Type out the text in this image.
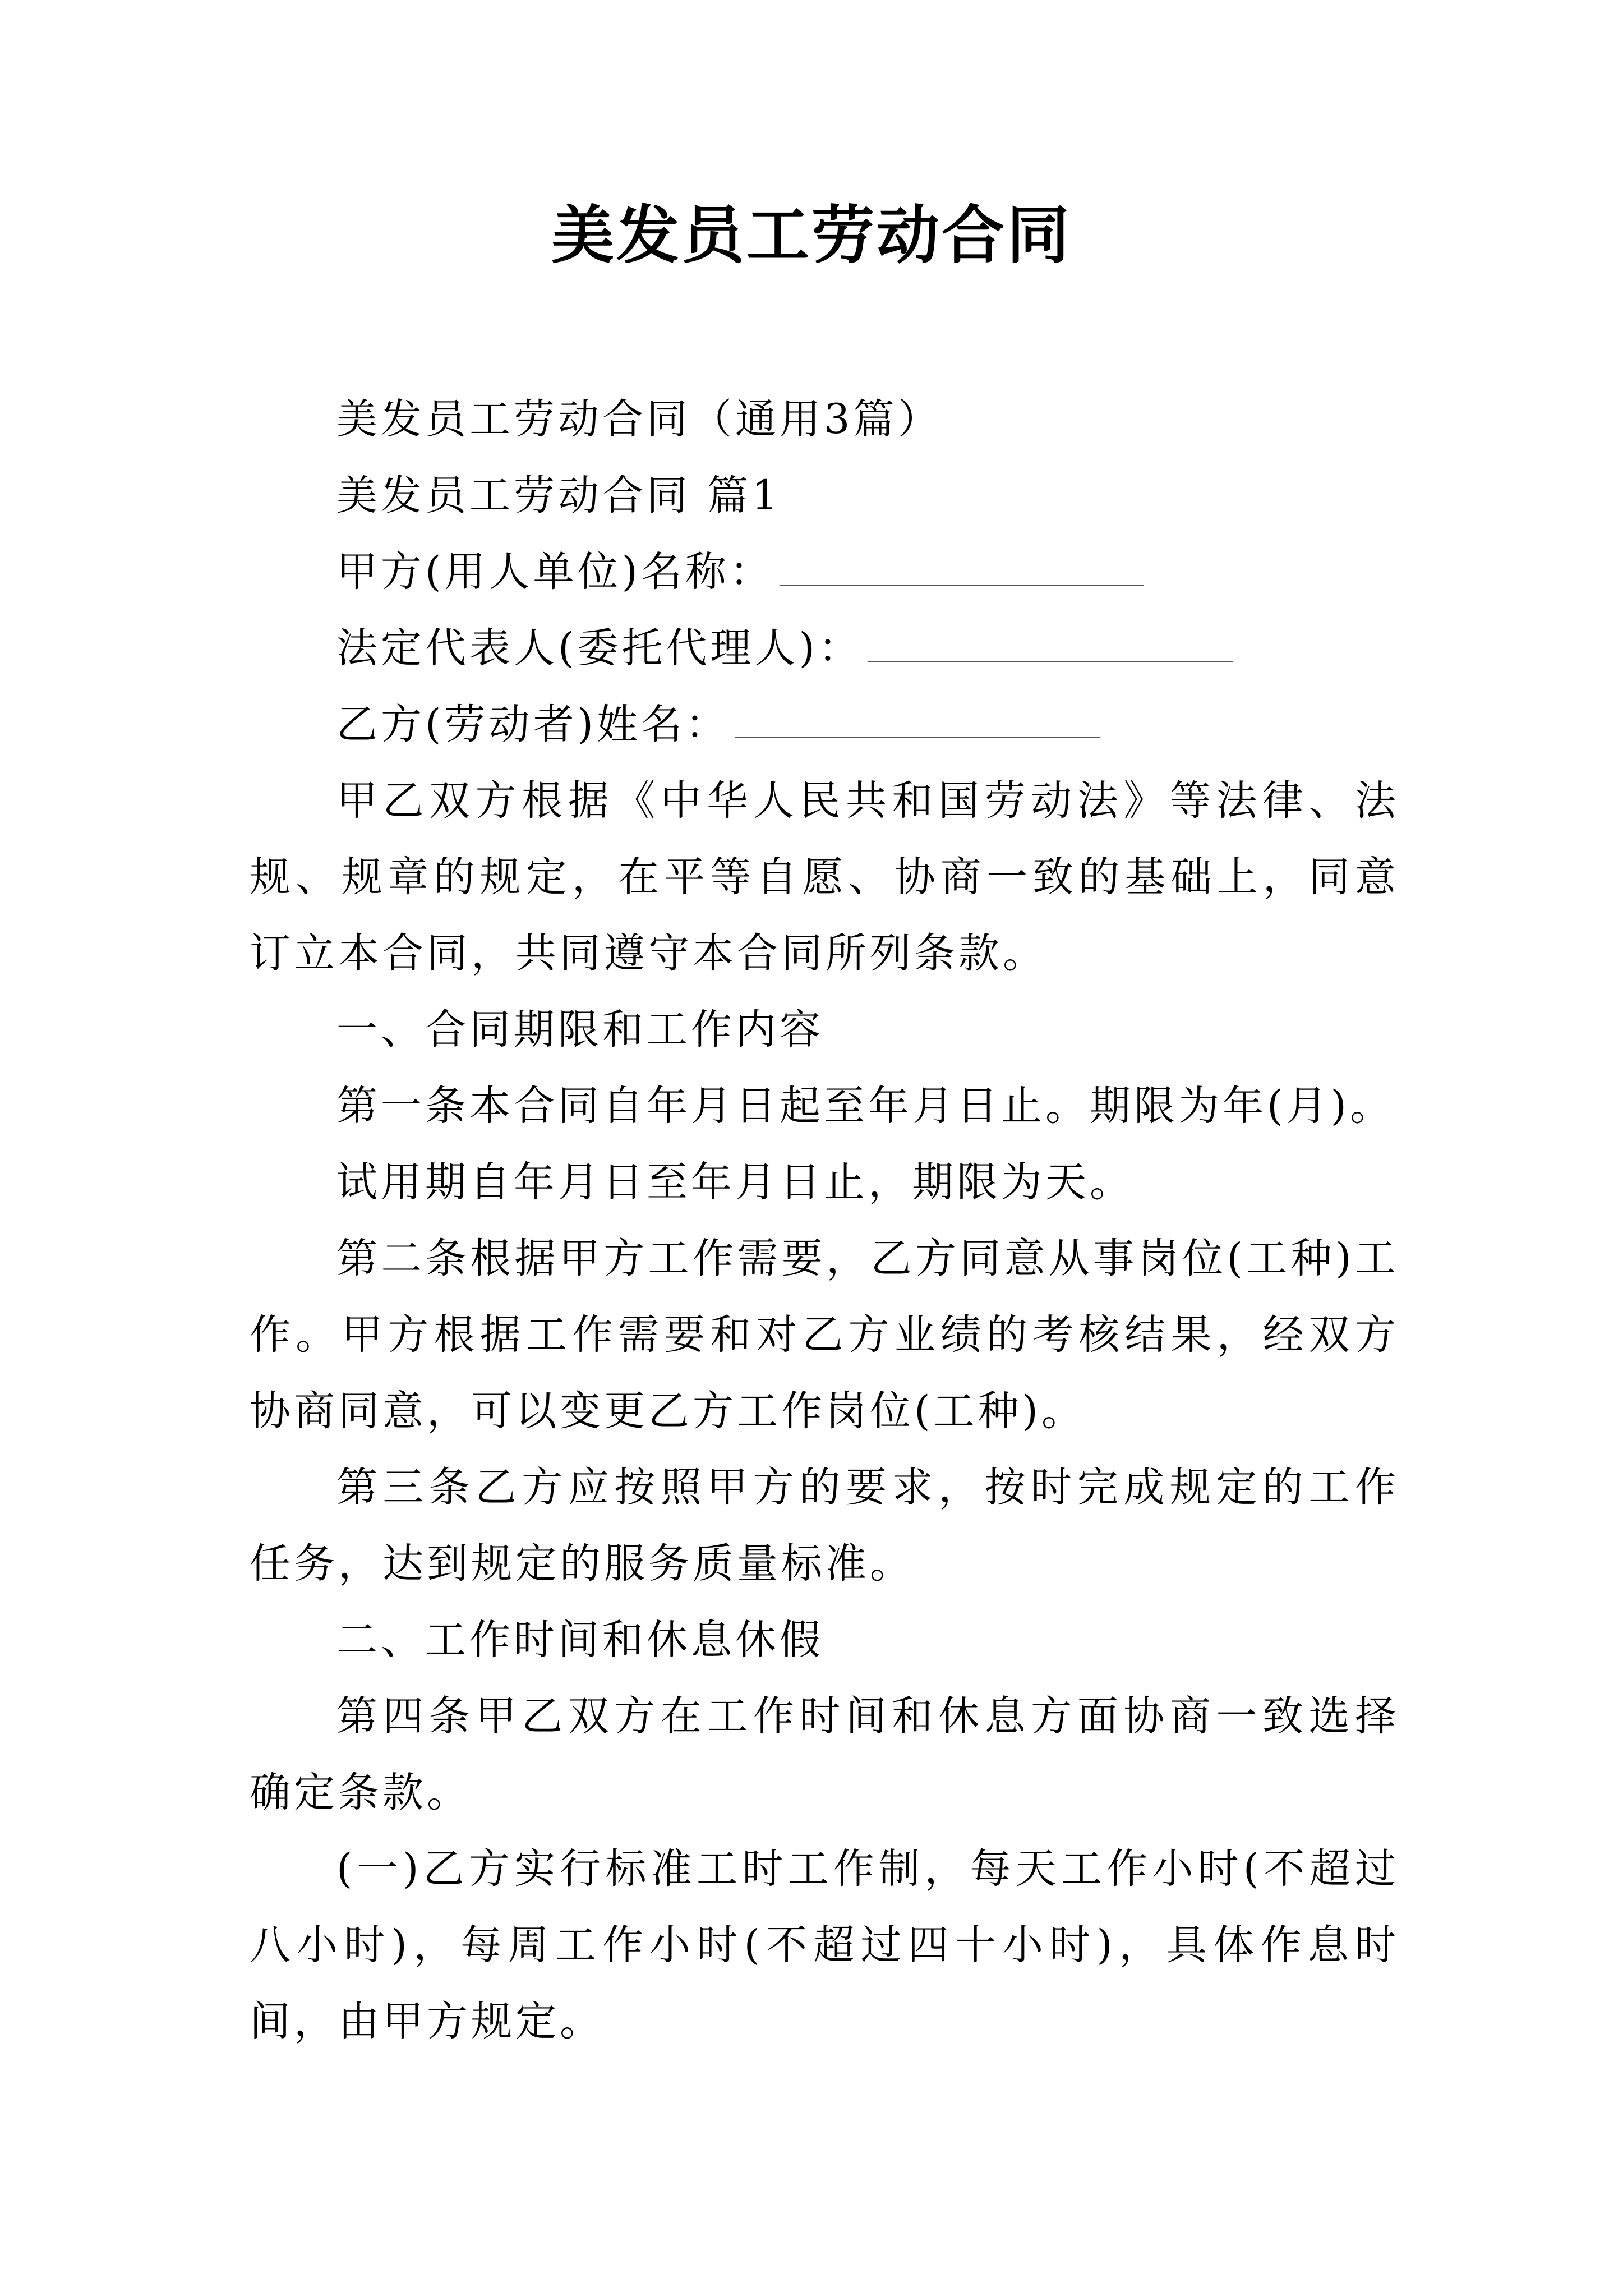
美发员工劳动合同

美发员工劳动合同（通用3篇）

美发员工劳动合同 篇1

甲方(用人单位)名称：

法定代表人(委托代理人)：

乙方(劳动者)姓名：

甲乙双方根据《中华人民共和国劳动法》等法律、法规、规章的规定，在平等自愿、协商一致的基础上，同意订立本合同，共同遵守本合同所列条款。

一、合同期限和工作内容

第一条本合同自年月日起至年月日止。期限为年(月)。

试用期自年月日至年月日止，期限为天。

第二条根据甲方工作需要，乙方同意从事岗位(工种)工作。甲方根据工作需要和对乙方业绩的考核结果，经双方协商同意，可以变更乙方工作岗位(工种)。

第三条乙方应按照甲方的要求，按时完成规定的工作任务，达到规定的服务质量标准。

二、工作时间和休息休假

第四条甲乙双方在工作时间和休息方面协商一致选择确定条款。

(一)乙方实行标准工时工作制，每天工作小时(不超过八小时)，每周工作小时(不超过四十小时)，具体作息时间，由甲方规定。
